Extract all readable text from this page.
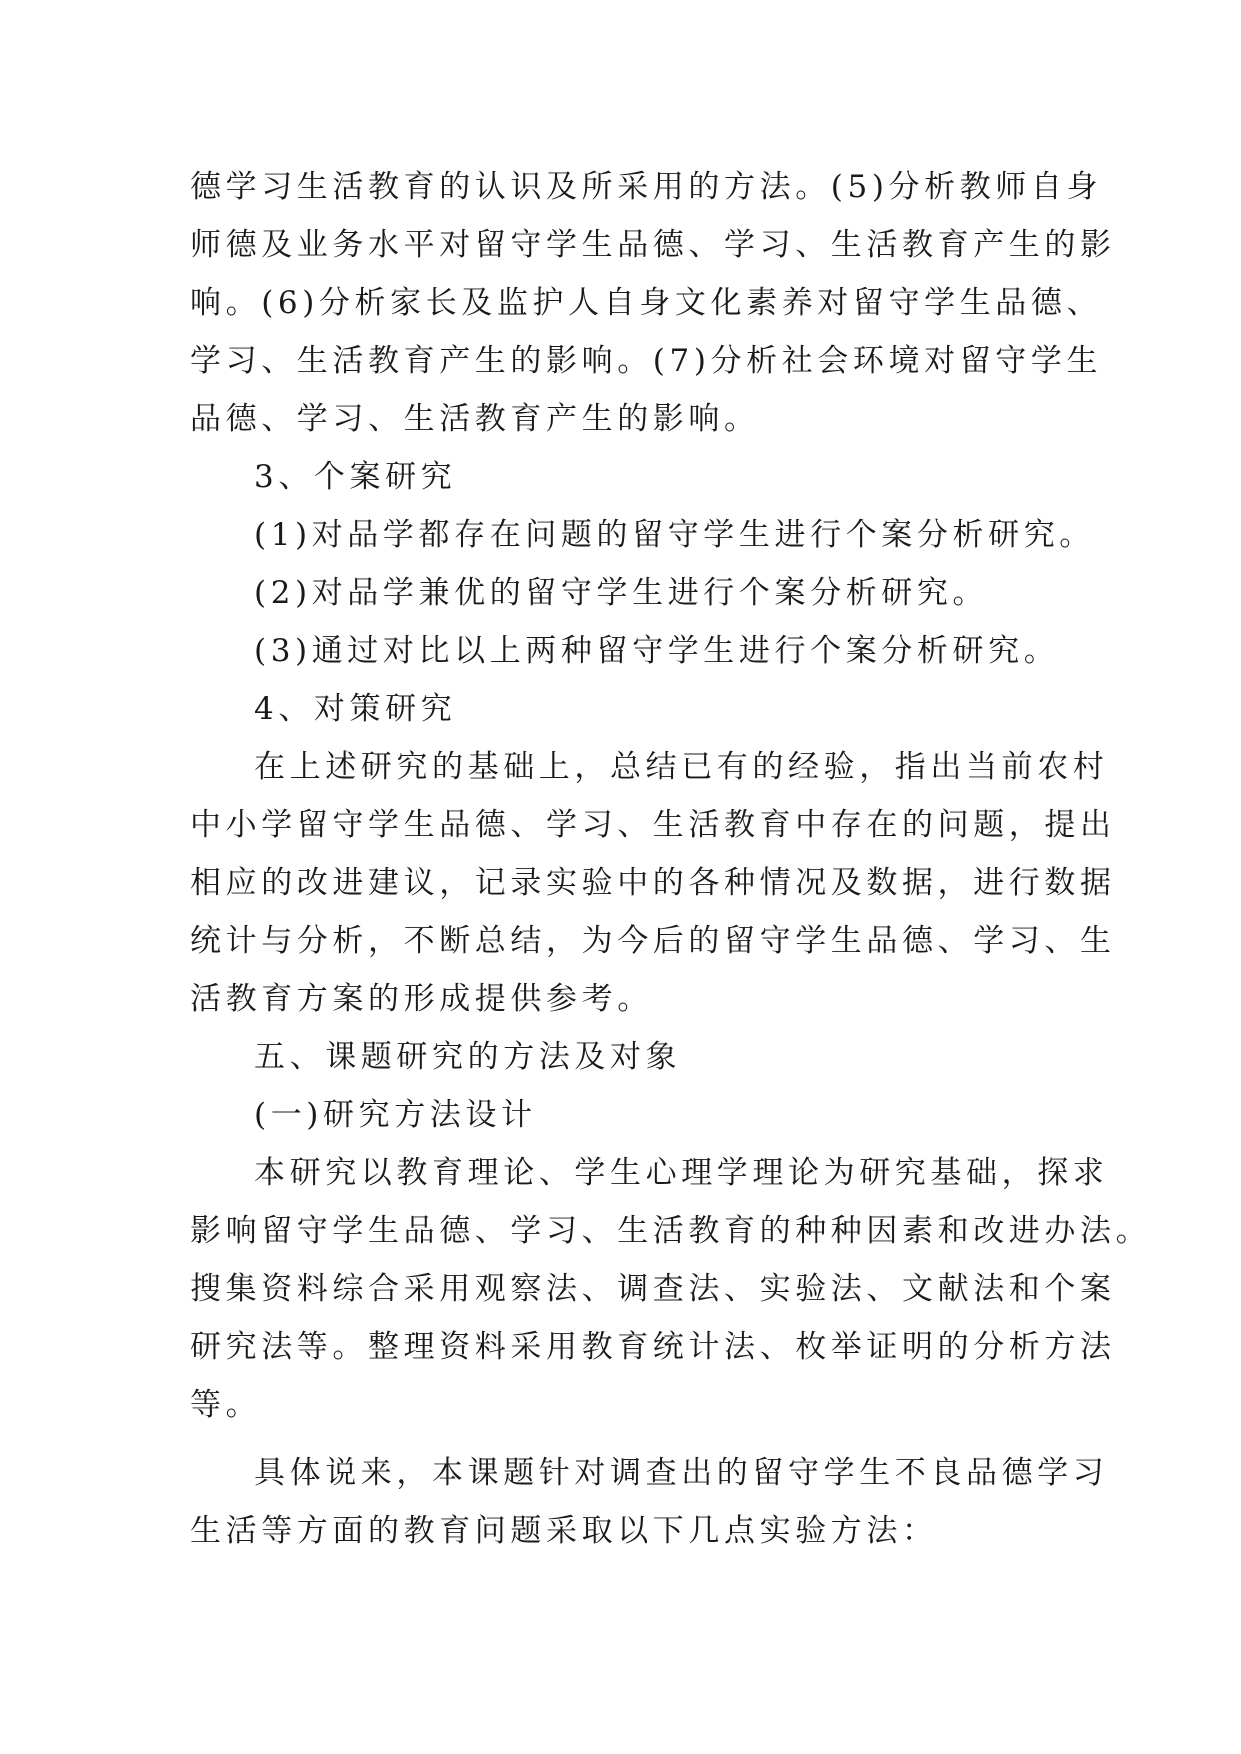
德学习生活教育的认识及所采用的方法。(5)分析教师自身
师德及业务水平对留守学生品德、学习、生活教育产生的影
响。(6)分析家长及监护人自身文化素养对留守学生品德、
学习、生活教育产生的影响。(7)分析社会环境对留守学生
品德、学习、生活教育产生的影响。
3、个案研究
(1)对品学都存在问题的留守学生进行个案分析研究。
(2)对品学兼优的留守学生进行个案分析研究。
(3)通过对比以上两种留守学生进行个案分析研究。
4、对策研究
在上述研究的基础上，总结已有的经验，指出当前农村
中小学留守学生品德、学习、生活教育中存在的问题，提出
相应的改进建议，记录实验中的各种情况及数据，进行数据
统计与分析，不断总结，为今后的留守学生品德、学习、生
活教育方案的形成提供参考。
五、课题研究的方法及对象
(一)研究方法设计
本研究以教育理论、学生心理学理论为研究基础，探求
影响留守学生品德、学习、生活教育的种种因素和改进办法。
搜集资料综合采用观察法、调查法、实验法、文献法和个案
研究法等。整理资料采用教育统计法、枚举证明的分析方法
等。
具体说来，本课题针对调查出的留守学生不良品德学习
生活等方面的教育问题采取以下几点实验方法：
